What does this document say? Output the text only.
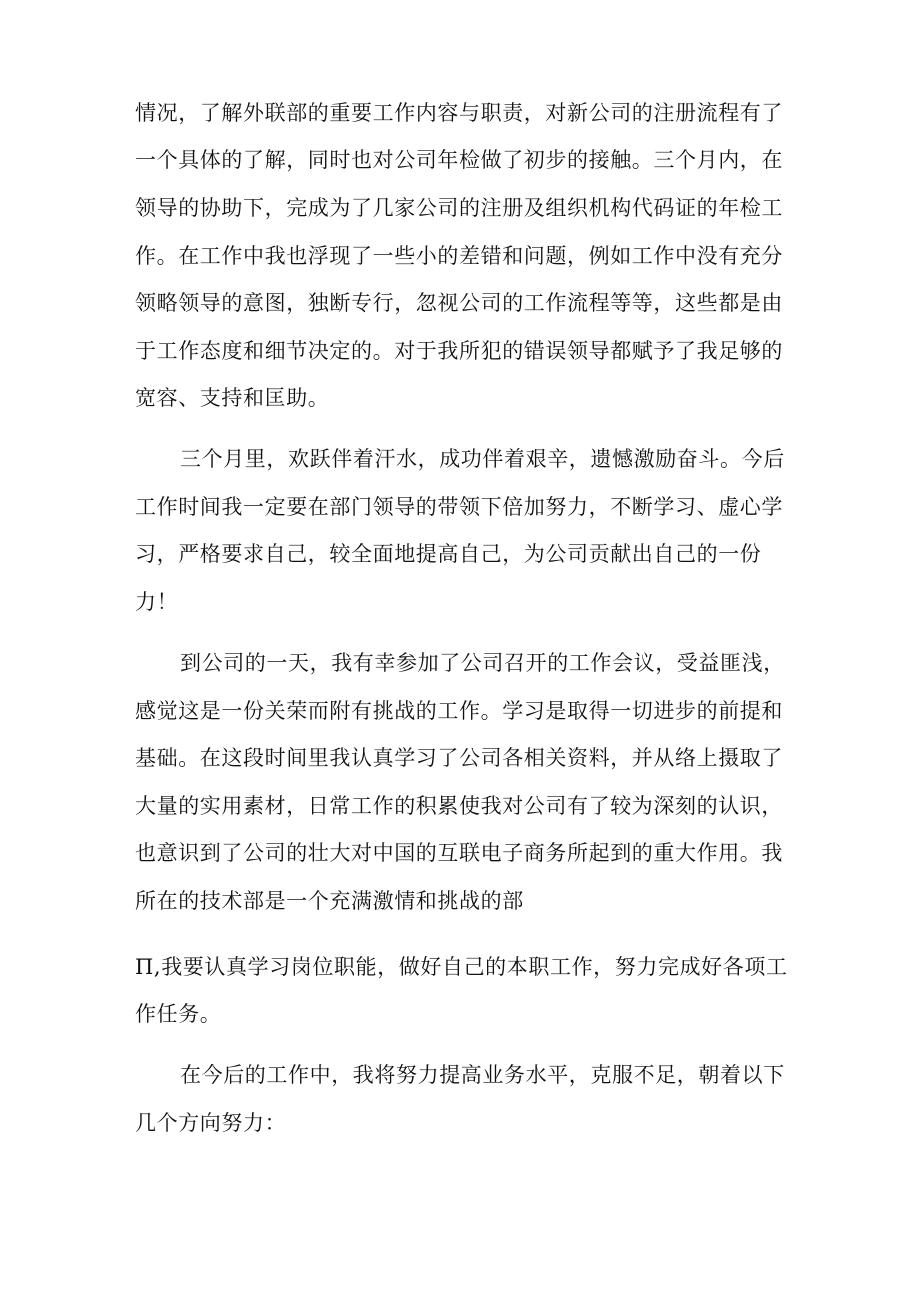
情况，了解外联部的重要工作内容与职责，对新公司的注册流程有了
一个具体的了解，同时也对公司年检做了初步的接触。三个月内，在
领导的协助下，完成为了几家公司的注册及组织机构代码证的年检工
作。在工作中我也浮现了一些小的差错和问题，例如工作中没有充分
领略领导的意图，独断专行，忽视公司的工作流程等等，这些都是由
于工作态度和细节决定的。对于我所犯的错误领导都赋予了我足够的
宽容、支持和匡助。
三个月里，欢跃伴着汗水，成功伴着艰辛，遗憾激励奋斗。今后
工作时间我一定要在部门领导的带领下倍加努力，不断学习、虚心学
习，严格要求自己，较全面地提高自己，为公司贡献出自己的一份
力！
到公司的一天，我有幸参加了公司召开的工作会议，受益匪浅，
感觉这是一份关荣而附有挑战的工作。学习是取得一切进步的前提和
基础。在这段时间里我认真学习了公司各相关资料，并从络上摄取了
大量的实用素材，日常工作的积累使我对公司有了较为深刻的认识，
也意识到了公司的壮大对中国的互联电子商务所起到的重大作用。我
所在的技术部是一个充满激情和挑战的部
Π,我要认真学习岗位职能，做好自己的本职工作，努力完成好各项工
作任务。
在今后的工作中，我将努力提高业务水平，克服不足，朝着以下
几个方向努力：
